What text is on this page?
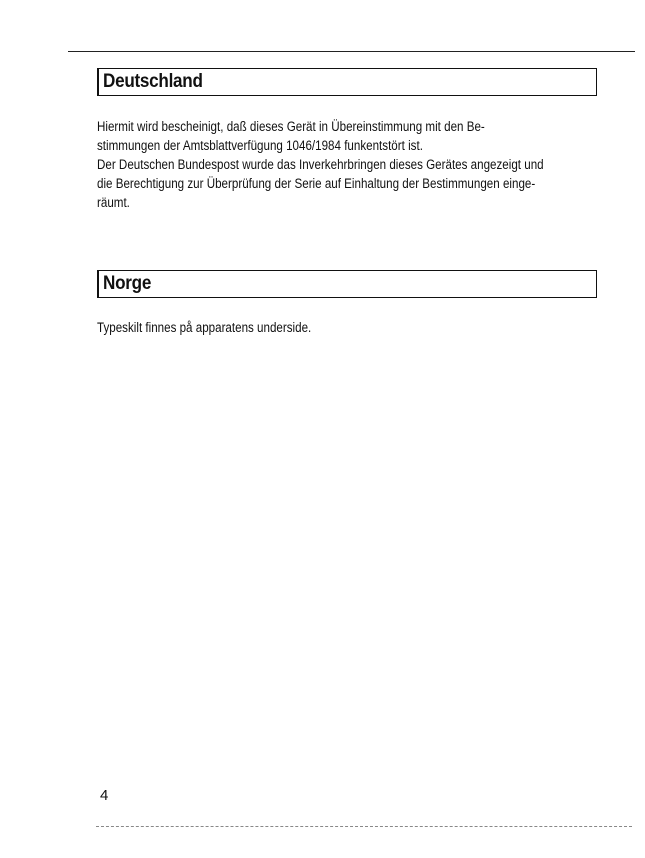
Deutschland
Hiermit wird bescheinigt, daß dieses Gerät in Übereinstimmung mit den Be-
stimmungen der Amtsblattverfügung 1046/1984 funkentstört ist.
Der Deutschen Bundespost wurde das Inverkehrbringen dieses Gerätes angezeigt und
die Berechtigung zur Überprüfung der Serie auf Einhaltung der Bestimmungen einge-
räumt.
Norge
Typeskilt finnes på apparatens underside.
4
